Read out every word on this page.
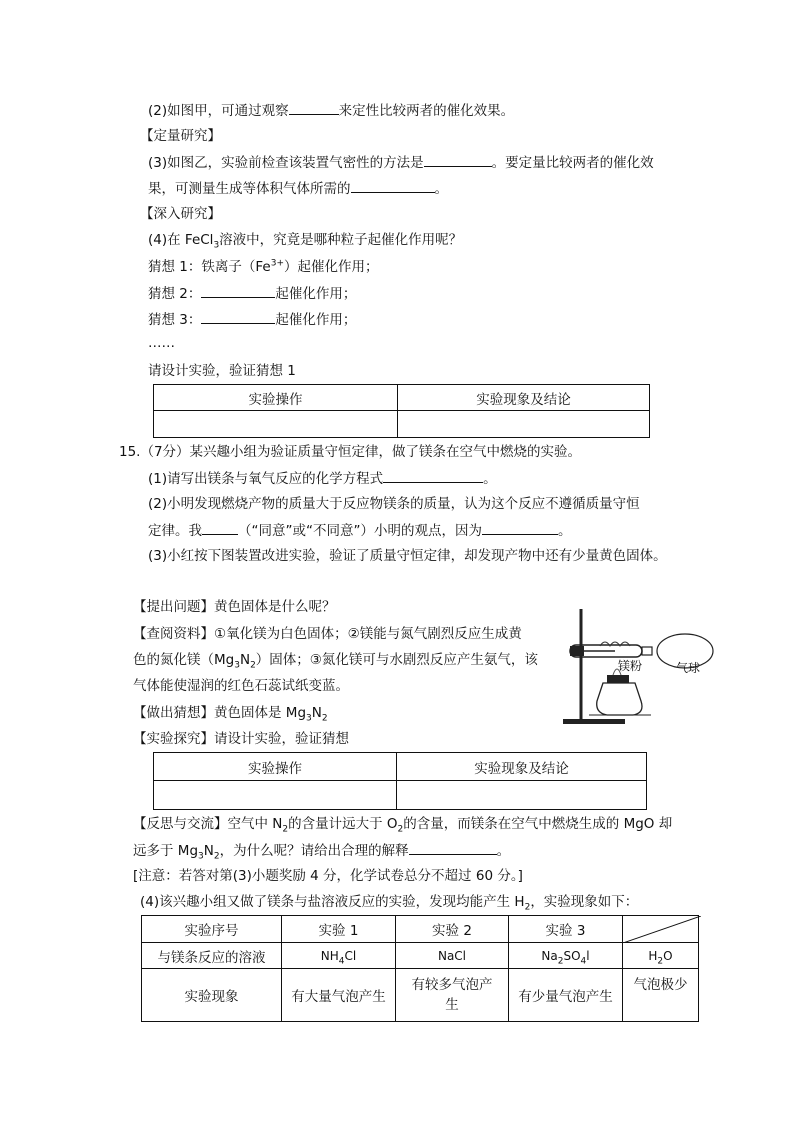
(2)如图甲，可通过观察	来定性比较两者的催化效果。
【定量研究】
(3)如图乙，实验前检查该装置气密性的方法是	。要定量比较两者的催化效
果，可测量生成等体积气体所需的	。
【深入研究】
(4)在 FeCl$_3$溶液中，究竟是哪种粒子起催化作用呢？
猜想 1：铁离子$(Fe^{3+})$起催化作用；
猜想 2：	起催化作用；
猜想 3：	起催化作用；
……
请设计实验，验证猜想 1
实验操作	实验现象及结论

15.（7分）某兴趣小组为验证质量守恒定律，做了镁条在空气中燃烧的实验。
(1)请写出镁条与氧气反应的化学方程式	。
(2)小明发现燃烧产物的质量大于反应物镁条的质量，认为这个反应不遵循质量守恒
定律。我	（“同意”或“不同意”）小明的观点，因为	。
(3)小红按下图装置改进实验，验证了质量守恒定律，却发现产物中还有少量黄色固体。
【提出问题】黄色固体是什么呢？
【查阅资料】①氧化镁为白色固体；②镁能与氮气剧烈反应生成黄
色的氮化镁$(Mg_3N_2)$固体；③氮化镁可与水剧烈反应产生氨气，该
气体能使湿润的红色石蕊试纸变蓝。
【做出猜想】黄色固体是 $Mg_3N_2$
【实验探究】请设计实验，验证猜想
镁粉	气球
实验操作	实验现象及结论

【反思与交流】空气中 $N_2$的含量计远大于 $O_2$的含量，而镁条在空气中燃烧生成的 MgO 却
远多于 $Mg_3N_2$，为什么呢？请给出合理的解释	。
[注意：若答对第(3)小题奖励 4 分，化学试卷总分不超过 60 分。]
(4)该兴趣小组又做了镁条与盐溶液反应的实验，发现均能产生 $H_2$，实验现象如下：
实验序号	实验 1	实验 2	实验 3	

与镁条反应的溶液	$NH_4Cl$	NaCl	$Na_2SO_4l$	$H_2O$
实验现象	有大量气泡产生	有较多气泡产生	有少量气泡产生	气泡极少
